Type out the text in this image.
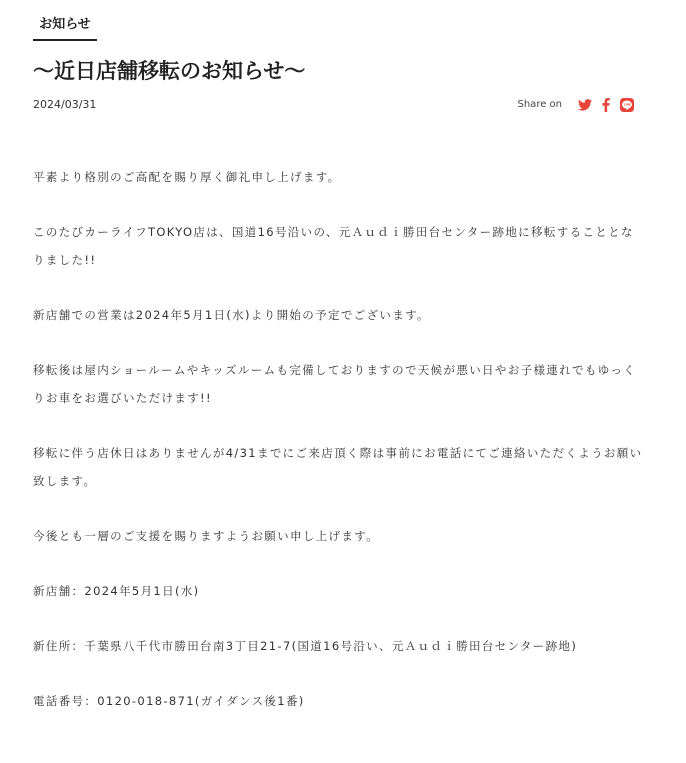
お知らせ
〜近日店舗移転のお知らせ〜
2024/03/31	Share on

平素より格別のご高配を賜り厚く御礼申し上げます。

このたびカーライフTOKYO店は、国道16号沿いの、元Ａｕｄｉ勝田台センター跡地に移転することとなりました!!

新店舗での営業は2024年5月1日(水)より開始の予定でございます。

移転後は屋内ショールームやキッズルームも完備しておりますので天候が悪い日やお子様連れでもゆっくりお車をお選びいただけます!!

移転に伴う店休日はありませんが4/31までにご来店頂く際は事前にお電話にてご連絡いただくようお願い致します。

今後とも一層のご支援を賜りますようお願い申し上げます。

新店舗：2024年5月1日(水)

新住所：千葉県八千代市勝田台南3丁目21-7(国道16号沿い、元Ａｕｄｉ勝田台センター跡地)

電話番号：0120-018-871(ガイダンス後1番)
